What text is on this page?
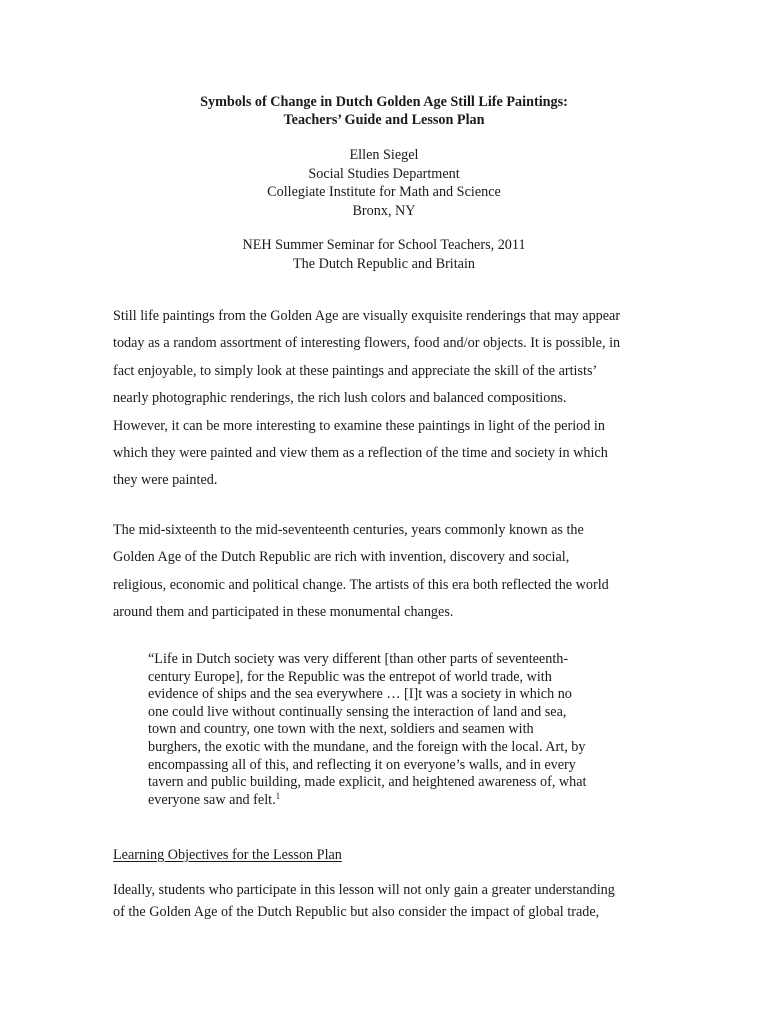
Symbols of Change in Dutch Golden Age Still Life Paintings:
Teachers’ Guide and Lesson Plan
Ellen Siegel
Social Studies Department
Collegiate Institute for Math and Science
Bronx, NY
NEH Summer Seminar for School Teachers, 2011
The Dutch Republic and Britain
Still life paintings from the Golden Age are visually exquisite renderings that may appear
today as a random assortment of interesting flowers, food and/or objects. It is possible, in
fact enjoyable, to simply look at these paintings and appreciate the skill of the artists’
nearly photographic renderings, the rich lush colors and balanced compositions.
However, it can be more interesting to examine these paintings in light of the period in
which they were painted and view them as a reflection of the time and society in which
they were painted.
The mid-sixteenth to the mid-seventeenth centuries, years commonly known as the
Golden Age of the Dutch Republic are rich with invention, discovery and social,
religious, economic and political change. The artists of this era both reflected the world
around them and participated in these monumental changes.
“Life in Dutch society was very different [than other parts of seventeenth-
century Europe], for the Republic was the entrepot of world trade, with
evidence of ships and the sea everywhere … [I]t was a society in which no
one could live without continually sensing the interaction of land and sea,
town and country, one town with the next, soldiers and seamen with
burghers, the exotic with the mundane, and the foreign with the local. Art, by
encompassing all of this, and reflecting it on everyone’s walls, and in every
tavern and public building, made explicit, and heightened awareness of, what
everyone saw and felt.$^1$
Learning Objectives for the Lesson Plan
Ideally, students who participate in this lesson will not only gain a greater understanding
of the Golden Age of the Dutch Republic but also consider the impact of global trade,
